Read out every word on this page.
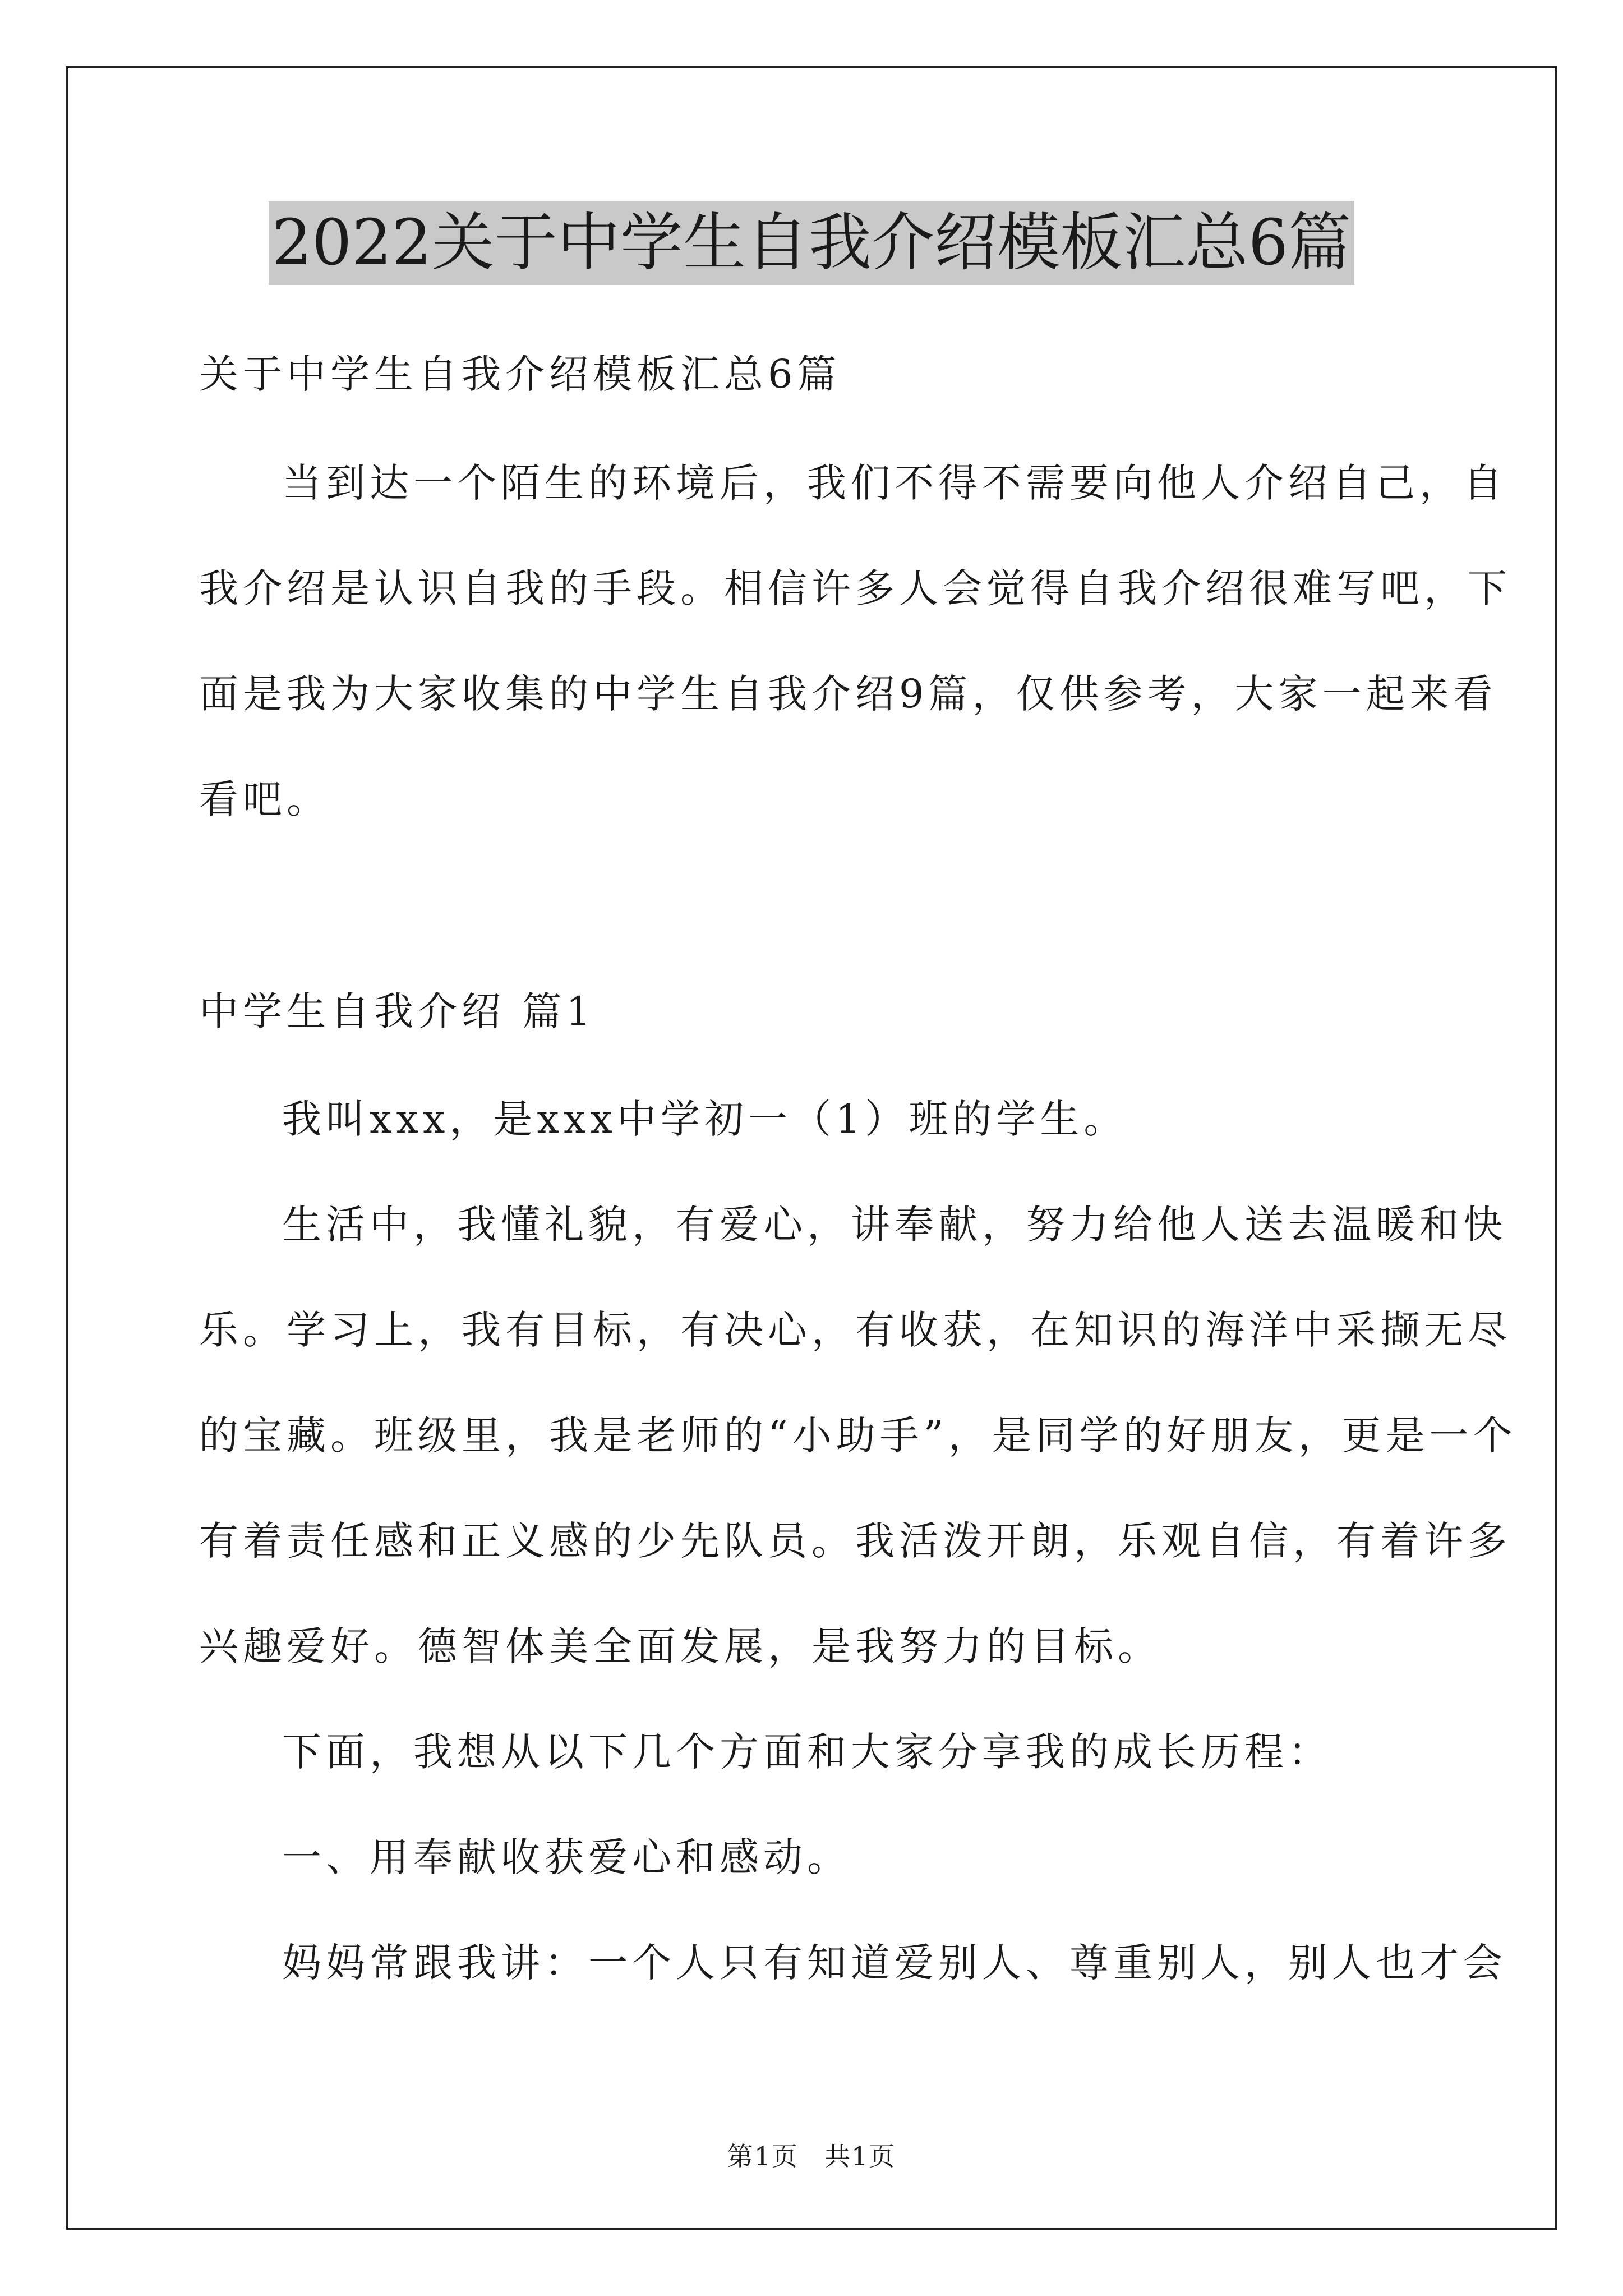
2022关于中学生自我介绍模板汇总6篇
关于中学生自我介绍模板汇总6篇
当到达一个陌生的环境后，我们不得不需要向他人介绍自己，自
我介绍是认识自我的手段。相信许多人会觉得自我介绍很难写吧，下
面是我为大家收集的中学生自我介绍9篇，仅供参考，大家一起来看
看吧。
中学生自我介绍 篇1
我叫xxx，是xxx中学初一（1）班的学生。
生活中，我懂礼貌，有爱心，讲奉献，努力给他人送去温暖和快
乐。学习上，我有目标，有决心，有收获，在知识的海洋中采撷无尽
的宝藏。班级里，我是老师的“小助手”，是同学的好朋友，更是一个
有着责任感和正义感的少先队员。我活泼开朗，乐观自信，有着许多
兴趣爱好。德智体美全面发展，是我努力的目标。
下面，我想从以下几个方面和大家分享我的成长历程：
一、用奉献收获爱心和感动。
妈妈常跟我讲：一个人只有知道爱别人、尊重别人，别人也才会
第1页 共1页
